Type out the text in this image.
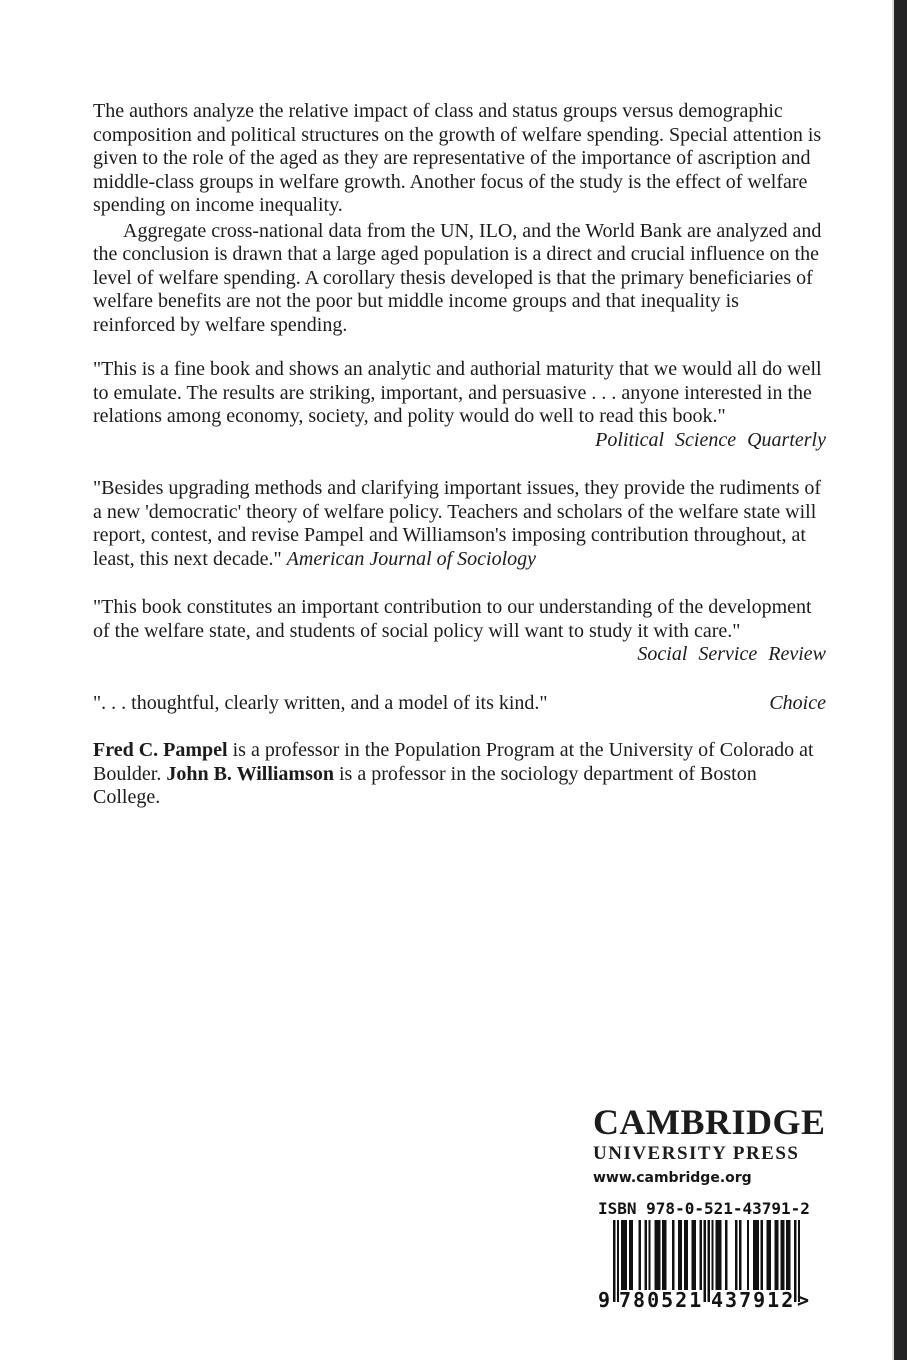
The authors analyze the relative impact of class and status groups versus demographic composition and political structures on the growth of welfare spending. Special attention is given to the role of the aged as they are representative of the importance of ascription and middle-class groups in welfare growth. Another focus of the study is the effect of welfare spending on income inequality.

Aggregate cross-national data from the UN, ILO, and the World Bank are analyzed and the conclusion is drawn that a large aged population is a direct and crucial influence on the level of welfare spending. A corollary thesis developed is that the primary beneficiaries of welfare benefits are not the poor but middle income groups and that inequality is reinforced by welfare spending.

"This is a fine book and shows an analytic and authorial maturity that we would all do well to emulate. The results are striking, important, and persuasive . . . anyone interested in the relations among economy, society, and polity would do well to read this book."
Political Science Quarterly

"Besides upgrading methods and clarifying important issues, they provide the rudiments of a new 'democratic' theory of welfare policy. Teachers and scholars of the welfare state will report, contest, and revise Pampel and Williamson's imposing contribution throughout, at least, this next decade." American Journal of Sociology

"This book constitutes an important contribution to our understanding of the development of the welfare state, and students of social policy will want to study it with care."
Social Service Review

". . . thoughtful, clearly written, and a model of its kind."	Choice

Fred C. Pampel is a professor in the Population Program at the University of Colorado at Boulder. John B. Williamson is a professor in the sociology department of Boston College.

CAMBRIDGE
UNIVERSITY PRESS
www.cambridge.org
ISBN 978-0-521-43791-2
9 780521 437912 >
